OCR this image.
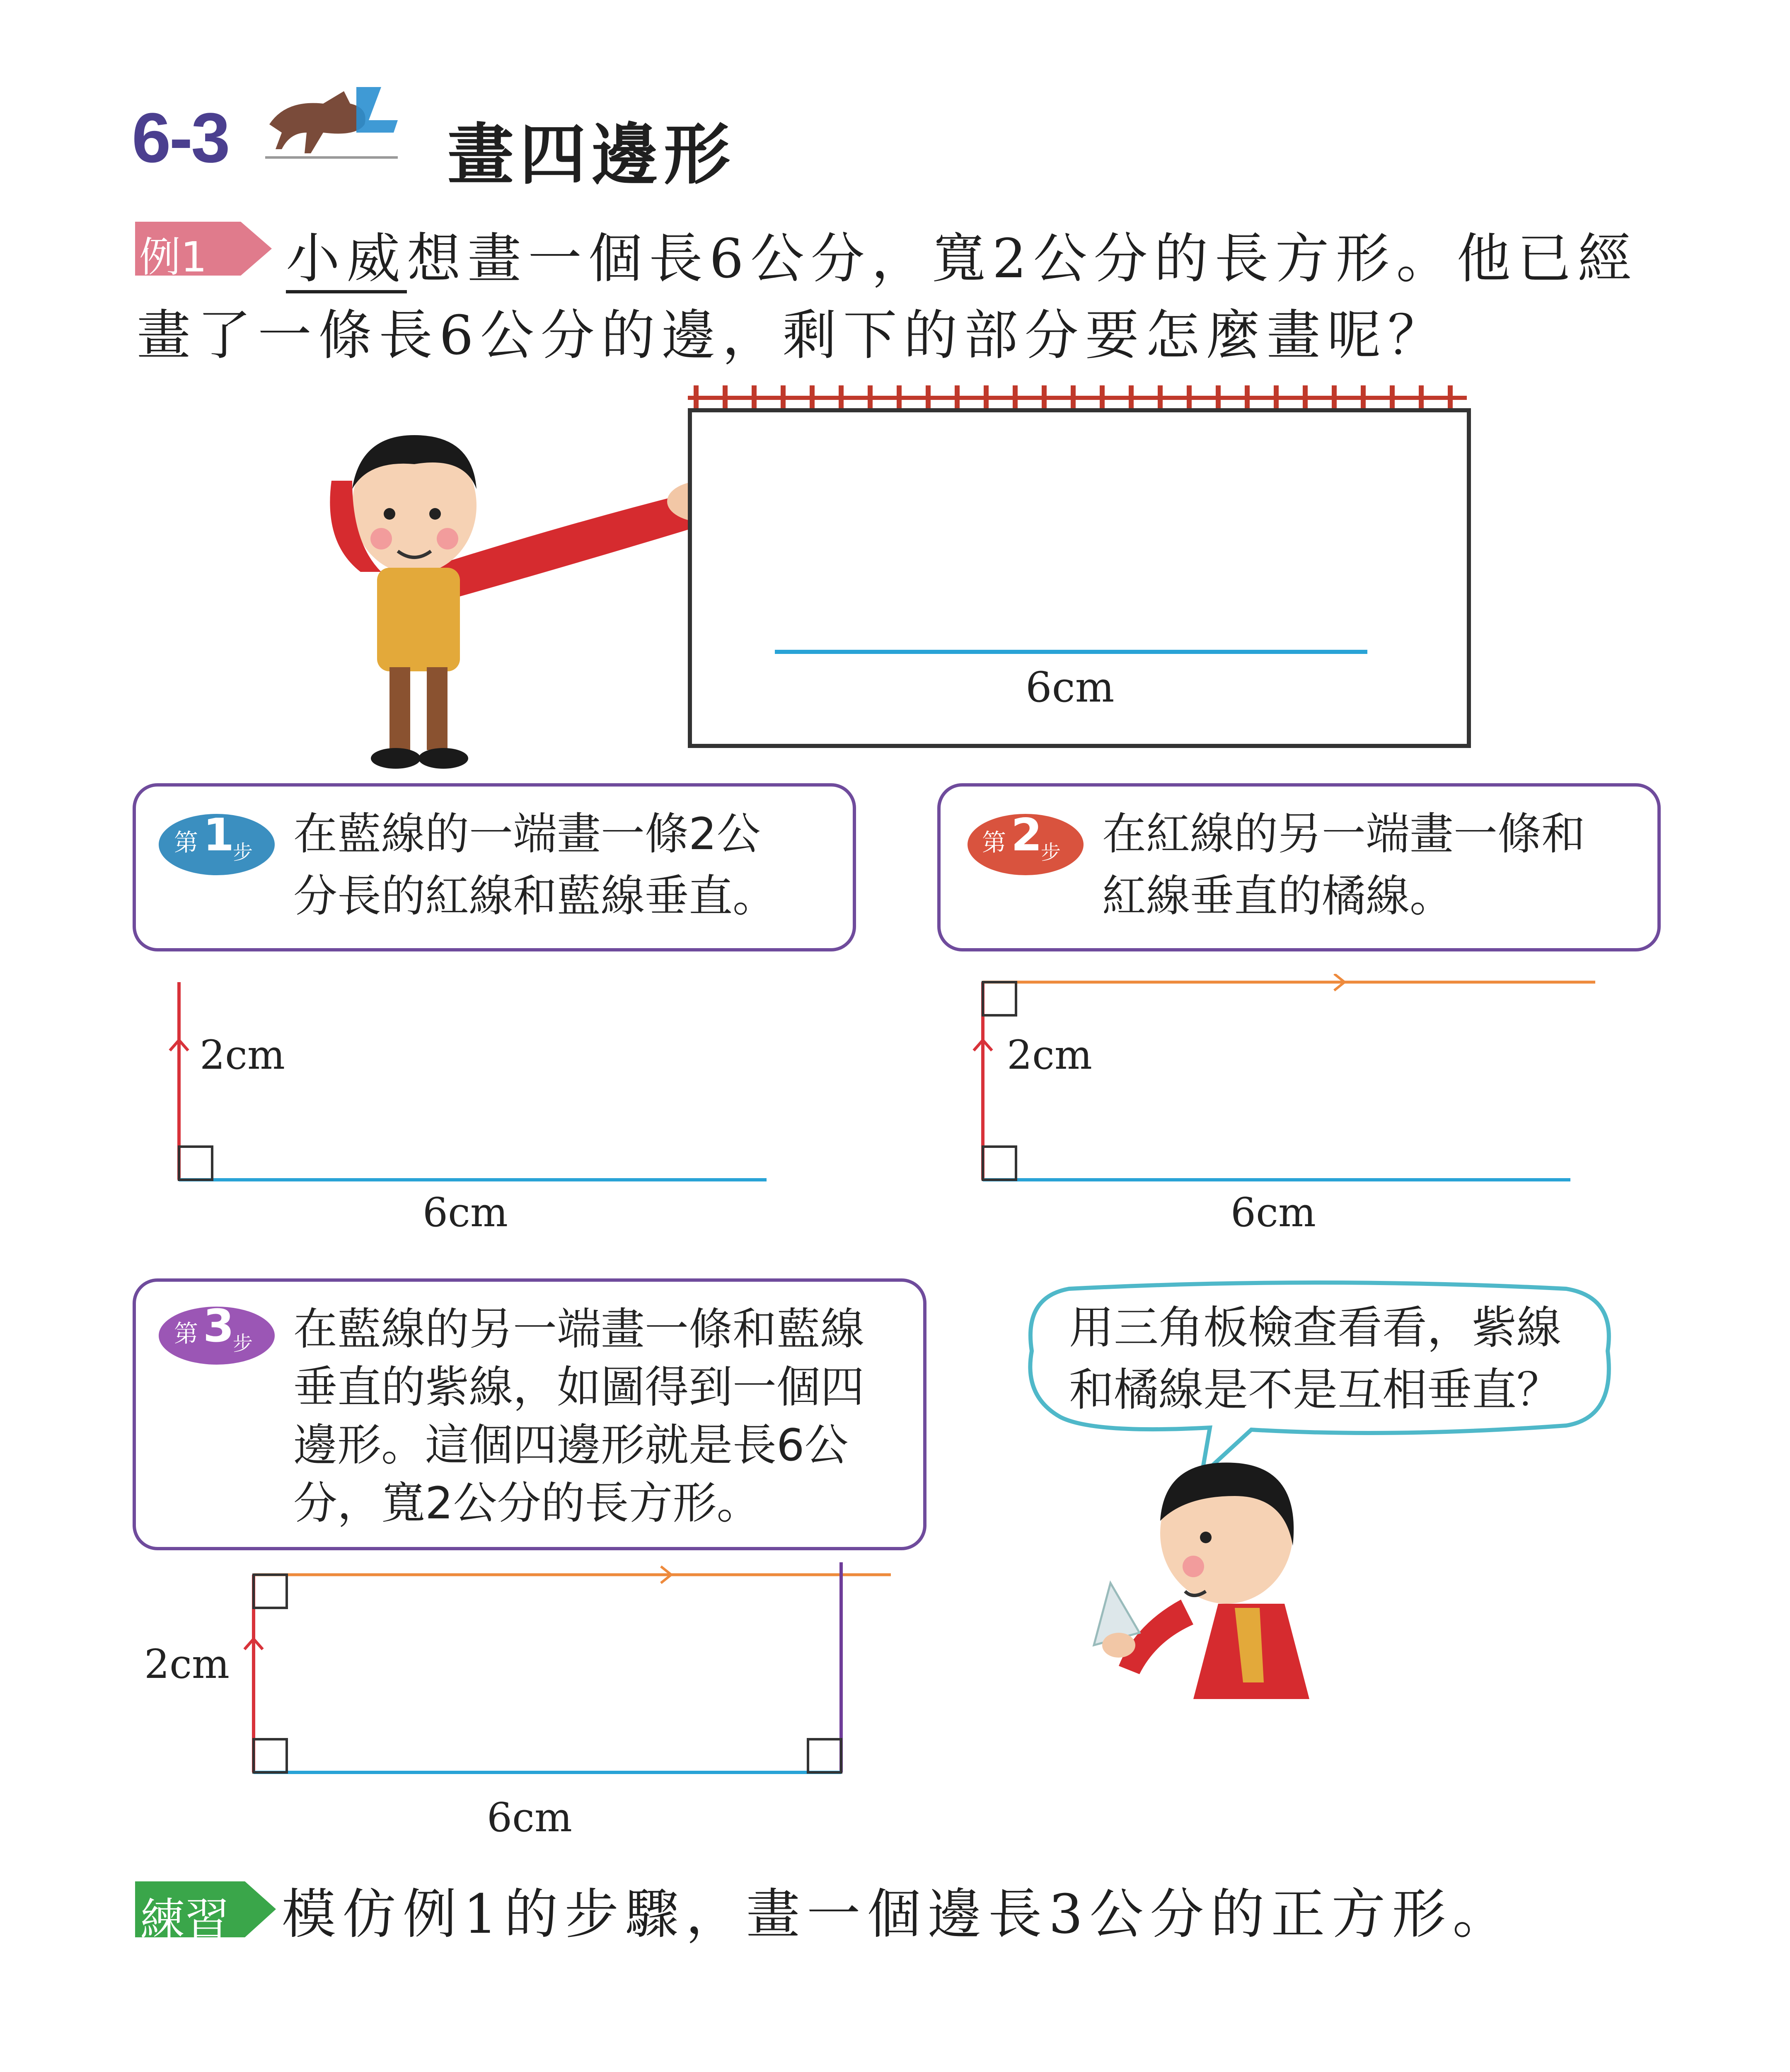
6-3	畫四邊形
例1 小威想畫一個長6公分，寬2公分的長方形。他已經
畫了一條長6公分的邊，剩下的部分要怎麼畫呢？
6cm
第 1
步 在藍線的一端畫一條2公
分長的紅線和藍線垂直。
第 2
步 在紅線的另一端畫一條和
紅線垂直的橘線。
2cm
6cm
2cm
6cm
第 3
步 在藍線的另一端畫一條和藍線
垂直的紫線，如圖得到一個四
邊形。這個四邊形就是長6公
分，寬2公分的長方形。
2cm
6cm
用三角板檢查看看，紫線
和橘線是不是互相垂直？
練習 模仿例1的步驟，畫一個邊長3公分的正方形。
